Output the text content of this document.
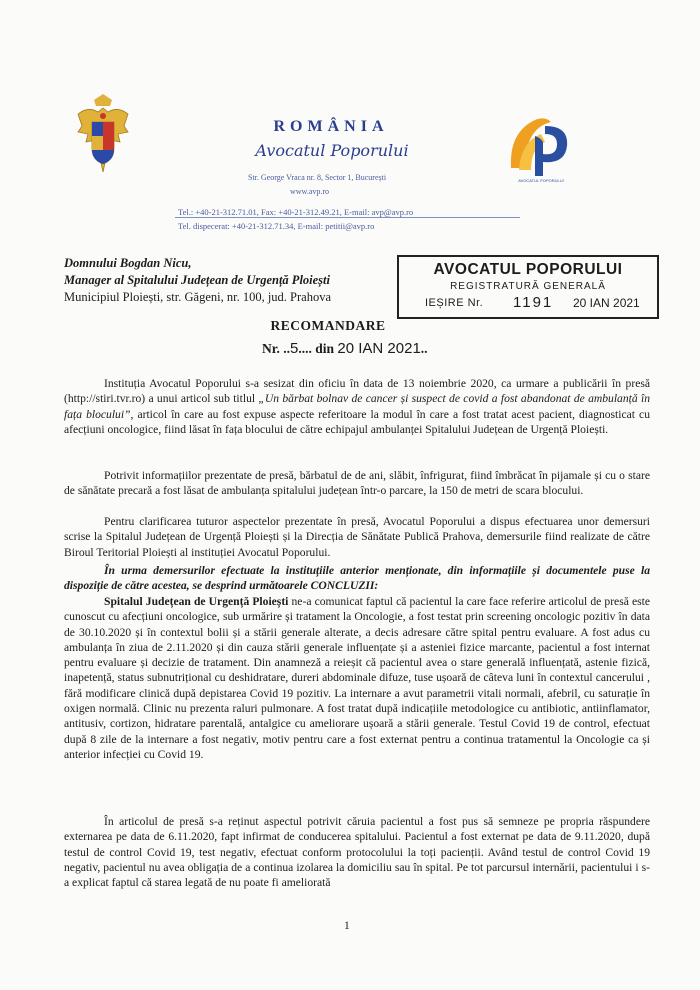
ROMÂNIA
Avocatul Poporului
Str. George Vraca nr. 8, Sector 1, București
www.avp.ro
Tel.: +40-21-312.71.01, Fax: +40-21-312.49.21, E-mail: avp@avp.ro
Tel. dispecerat: +40-21-312.71.34, E-mail: petitii@avp.ro
AVOCATUL POPORULUI
Domnului Bogdan Nicu,
Manager al Spitalului Județean de Urgență Ploiești
Municipiul Ploiești, str. Găgeni, nr. 100, jud. Prahova
AVOCATUL POPORULUI
REGISTRATURĂ GENERALĂ
IEȘIRE Nr. 1191 20 IAN 2021
RECOMANDARE
Nr. ..5.... din 20 IAN 2021..
Instituția Avocatul Poporului s-a sesizat din oficiu în data de 13 noiembrie 2020, ca urmare a publicării în presă (http://stiri.tvr.ro) a unui articol sub titlul „Un bărbat bolnav de cancer și suspect de covid a fost abandonat de ambulanță în fața blocului”, articol în care au fost expuse aspecte referitoare la modul în care a fost tratat acest pacient, diagnosticat cu afecțiuni oncologice, fiind lăsat în fața blocului de către echipajul ambulanței Spitalului Județean de Urgență Ploiești.
Potrivit informațiilor prezentate de presă, bărbatul de de ani, slăbit, înfrigurat, fiind îmbrăcat în pijamale și cu o stare de sănătate precară a fost lăsat de ambulanța spitalului județean într-o parcare, la 150 de metri de scara blocului.
Pentru clarificarea tuturor aspectelor prezentate în presă, Avocatul Poporului a dispus efectuarea unor demersuri scrise la Spitalul Județean de Urgență Ploiești și la Direcția de Sănătate Publică Prahova, demersurile fiind realizate de către Biroul Teritorial Ploiești al instituției Avocatul Poporului.
În urma demersurilor efectuate la instituțiile anterior menționate, din informațiile și documentele puse la dispoziție de către acestea, se desprind următoarele CONCLUZII:
Spitalul Județean de Urgență Ploiești ne-a comunicat faptul că pacientul la care face referire articolul de presă este cunoscut cu afecțiuni oncologice, sub urmărire și tratament la Oncologie, a fost testat prin screening oncologic pozitiv în data de 30.10.2020 și în contextul bolii și a stării generale alterate, a decis adresare către spital pentru evaluare. A fost adus cu ambulanța în ziua de 2.11.2020 și din cauza stării generale influențate și a asteniei fizice marcante, pacientul a fost internat pentru evaluare și decizie de tratament. Din anamneză a reieșit că pacientul avea o stare generală influențată, astenie fizică, inapetență, status subnutrițional cu deshidratare, dureri abdominale difuze, tuse ușoară de câteva luni în contextul cancerului , fără modificare clinică după depistarea Covid 19 pozitiv. La internare a avut parametrii vitali normali, afebril, cu saturație în oxigen normală. Clinic nu prezenta raluri pulmonare. A fost tratat după indicațiile metodologice cu antibiotic, antiinflamator, antitusiv, cortizon, hidratare parentală, antalgice cu ameliorare ușoară a stării generale. Testul Covid 19 de control, efectuat după 8 zile de la internare a fost negativ, motiv pentru care a fost externat pentru a continua tratamentul la Oncologie ca și anterior infecției cu Covid 19.
În articolul de presă s-a reținut aspectul potrivit căruia pacientul a fost pus să semneze pe propria răspundere externarea pe data de 6.11.2020, fapt infirmat de conducerea spitalului. Pacientul a fost externat pe data de 9.11.2020, după testul de control Covid 19, test negativ, efectuat conform protocolului la toți pacienții. Având testul de control Covid 19 negativ, pacientul nu avea obligația de a continua izolarea la domiciliu sau în spital. Pe tot parcursul internării, pacientului i s-a explicat faptul că starea legată de nu poate fi ameliorată
1
